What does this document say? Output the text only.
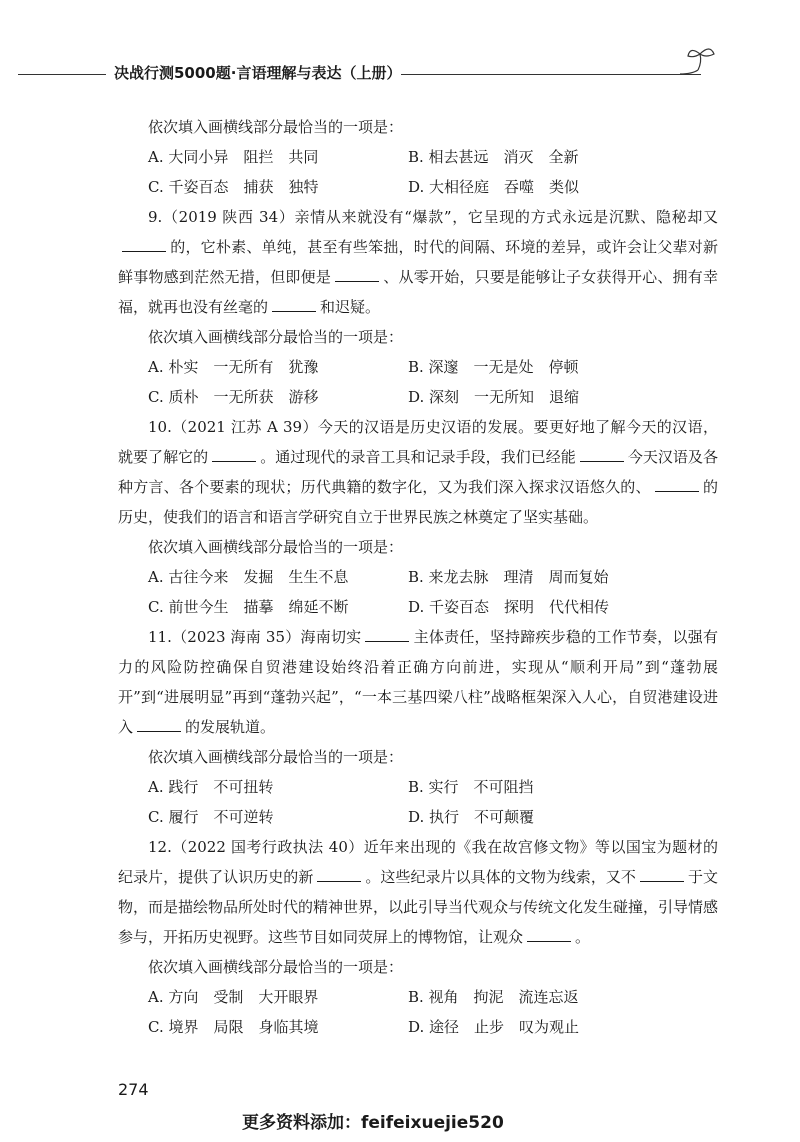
决战行测5000题·言语理解与表达（上册）

依次填入画横线部分最恰当的一项是：

A. 大同小异　阻拦　共同	B. 相去甚远　消灭　全新
C. 千姿百态　捕获　独特	D. 大相径庭　吞噬　类似

9.（2019 陕西 34）亲情从来就没有“爆款”，它呈现的方式永远是沉默、隐秘却又的，它朴素、单纯，甚至有些笨拙，时代的间隔、环境的差异，或许会让父辈对新鲜事物感到茫然无措，但即便是	、从零开始，只要是能够让子女获得开心、拥有幸福，就再也没有丝毫的	和迟疑。

依次填入画横线部分最恰当的一项是：

A. 朴实　一无所有　犹豫	B. 深邃　一无是处　停顿
C. 质朴　一无所获　游移	D. 深刻　一无所知　退缩

10.（2021 江苏 A 39）今天的汉语是历史汉语的发展。要更好地了解今天的汉语，就要了解它的	。通过现代的录音工具和记录手段，我们已经能	今天汉语及各种方言、各个要素的现状；历代典籍的数字化，又为我们深入探求汉语悠久的、	的历史，使我们的语言和语言学研究自立于世界民族之林奠定了坚实基础。

依次填入画横线部分最恰当的一项是：

A. 古往今来　发掘　生生不息	B. 来龙去脉　理清　周而复始
C. 前世今生　描摹　绵延不断	D. 千姿百态　探明　代代相传

11.（2023 海南 35）海南切实	主体责任，坚持蹄疾步稳的工作节奏，以强有力的风险防控确保自贸港建设始终沿着正确方向前进，实现从“顺利开局”到“蓬勃展开”到“进展明显”再到“蓬勃兴起”，“一本三基四梁八柱”战略框架深入人心，自贸港建设进入	的发展轨道。

依次填入画横线部分最恰当的一项是：

A. 践行　不可扭转	B. 实行　不可阻挡
C. 履行　不可逆转	D. 执行　不可颠覆

12.（2022 国考行政执法 40）近年来出现的《我在故宫修文物》等以国宝为题材的纪录片，提供了认识历史的新	。这些纪录片以具体的文物为线索，又不	于文物，而是描绘物品所处时代的精神世界，以此引导当代观众与传统文化发生碰撞，引导情感参与，开拓历史视野。这些节目如同荧屏上的博物馆，让观众	。

依次填入画横线部分最恰当的一项是：

A. 方向　受制　大开眼界	B. 视角　拘泥　流连忘返
C. 境界　局限　身临其境	D. 途径　止步　叹为观止
274
更多资料添加：feifeixuejie520
